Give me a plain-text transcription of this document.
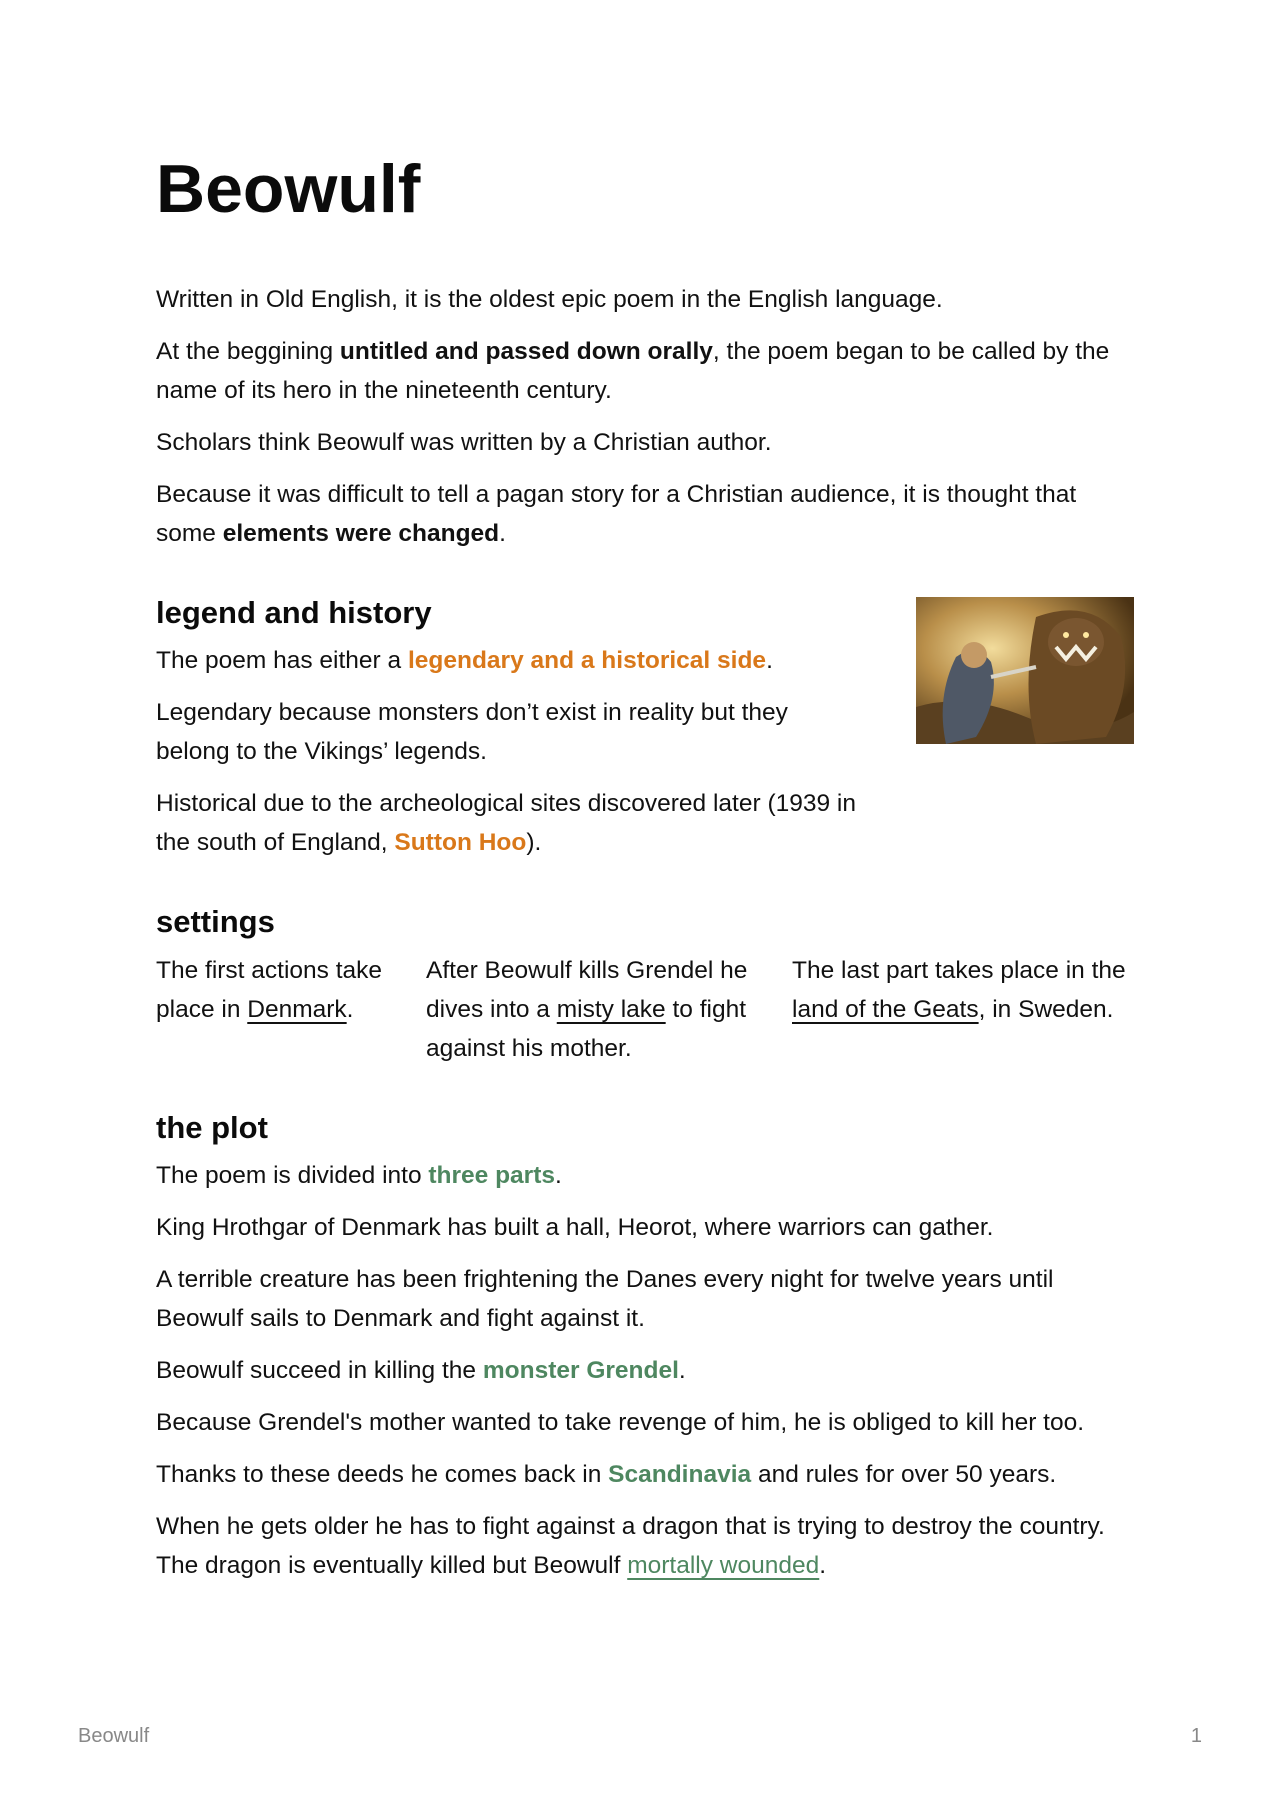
Beowulf

Written in Old English, it is the oldest epic poem in the English language.

At the beggining untitled and passed down orally, the poem began to be called by the name of its hero in the nineteenth century.

Scholars think Beowulf was written by a Christian author.

Because it was difficult to tell a pagan story for a Christian audience, it is thought that some elements were changed.

legend and history

The poem has either a legendary and a historical side.

Legendary because monsters don’t exist in reality but they belong to the Vikings’ legends.

Historical due to the archeological sites discovered later (1939 in the south of England, Sutton Hoo).

settings

The first actions take place in Denmark.

After Beowulf kills Grendel he dives into a misty lake to fight against his mother.

The last part takes place in the land of the Geats, in Sweden.

the plot

The poem is divided into three parts.

King Hrothgar of Denmark has built a hall, Heorot, where warriors can gather.

A terrible creature has been frightening the Danes every night for twelve years until Beowulf sails to Denmark and fight against it.

Beowulf succeed in killing the monster Grendel.

Because Grendel's mother wanted to take revenge of him, he is obliged to kill her too.

Thanks to these deeds he comes back in Scandinavia and rules for over 50 years.

When he gets older he has to fight against a dragon that is trying to destroy the country. The dragon is eventually killed but Beowulf mortally wounded.

Beowulf	1
